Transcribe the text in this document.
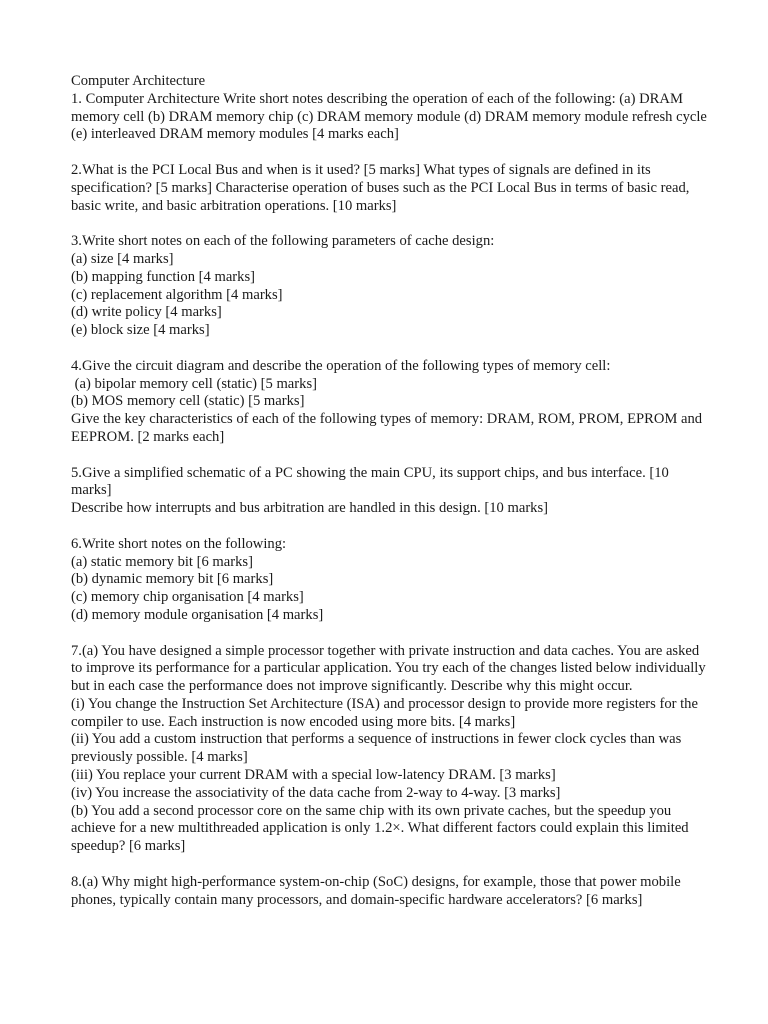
Computer Architecture
1. Computer Architecture Write short notes describing the operation of each of the following: (a) DRAM memory cell (b) DRAM memory chip (c) DRAM memory module (d) DRAM memory module refresh cycle (e) interleaved DRAM memory modules [4 marks each]
2.What is the PCI Local Bus and when is it used? [5 marks] What types of signals are defined in its specification? [5 marks] Characterise operation of buses such as the PCI Local Bus in terms of basic read, basic write, and basic arbitration operations. [10 marks]
3.Write short notes on each of the following parameters of cache design:
(a) size [4 marks]
(b) mapping function [4 marks]
(c) replacement algorithm [4 marks]
(d) write policy [4 marks]
(e) block size [4 marks]
4.Give the circuit diagram and describe the operation of the following types of memory cell:
(a) bipolar memory cell (static) [5 marks]
(b) MOS memory cell (static) [5 marks]
Give the key characteristics of each of the following types of memory: DRAM, ROM, PROM, EPROM and EEPROM. [2 marks each]
5.Give a simplified schematic of a PC showing the main CPU, its support chips, and bus interface. [10 marks]
Describe how interrupts and bus arbitration are handled in this design. [10 marks]
6.Write short notes on the following:
(a) static memory bit [6 marks]
(b) dynamic memory bit [6 marks]
(c) memory chip organisation [4 marks]
(d) memory module organisation [4 marks]
7.(a) You have designed a simple processor together with private instruction and data caches. You are asked to improve its performance for a particular application. You try each of the changes listed below individually but in each case the performance does not improve significantly. Describe why this might occur.
(i) You change the Instruction Set Architecture (ISA) and processor design to provide more registers for the compiler to use. Each instruction is now encoded using more bits. [4 marks]
(ii) You add a custom instruction that performs a sequence of instructions in fewer clock cycles than was previously possible. [4 marks]
(iii) You replace your current DRAM with a special low-latency DRAM. [3 marks]
(iv) You increase the associativity of the data cache from 2-way to 4-way. [3 marks]
(b) You add a second processor core on the same chip with its own private caches, but the speedup you achieve for a new multithreaded application is only 1.2×. What different factors could explain this limited speedup? [6 marks]
8.(a) Why might high-performance system-on-chip (SoC) designs, for example, those that power mobile phones, typically contain many processors, and domain-specific hardware accelerators? [6 marks]
